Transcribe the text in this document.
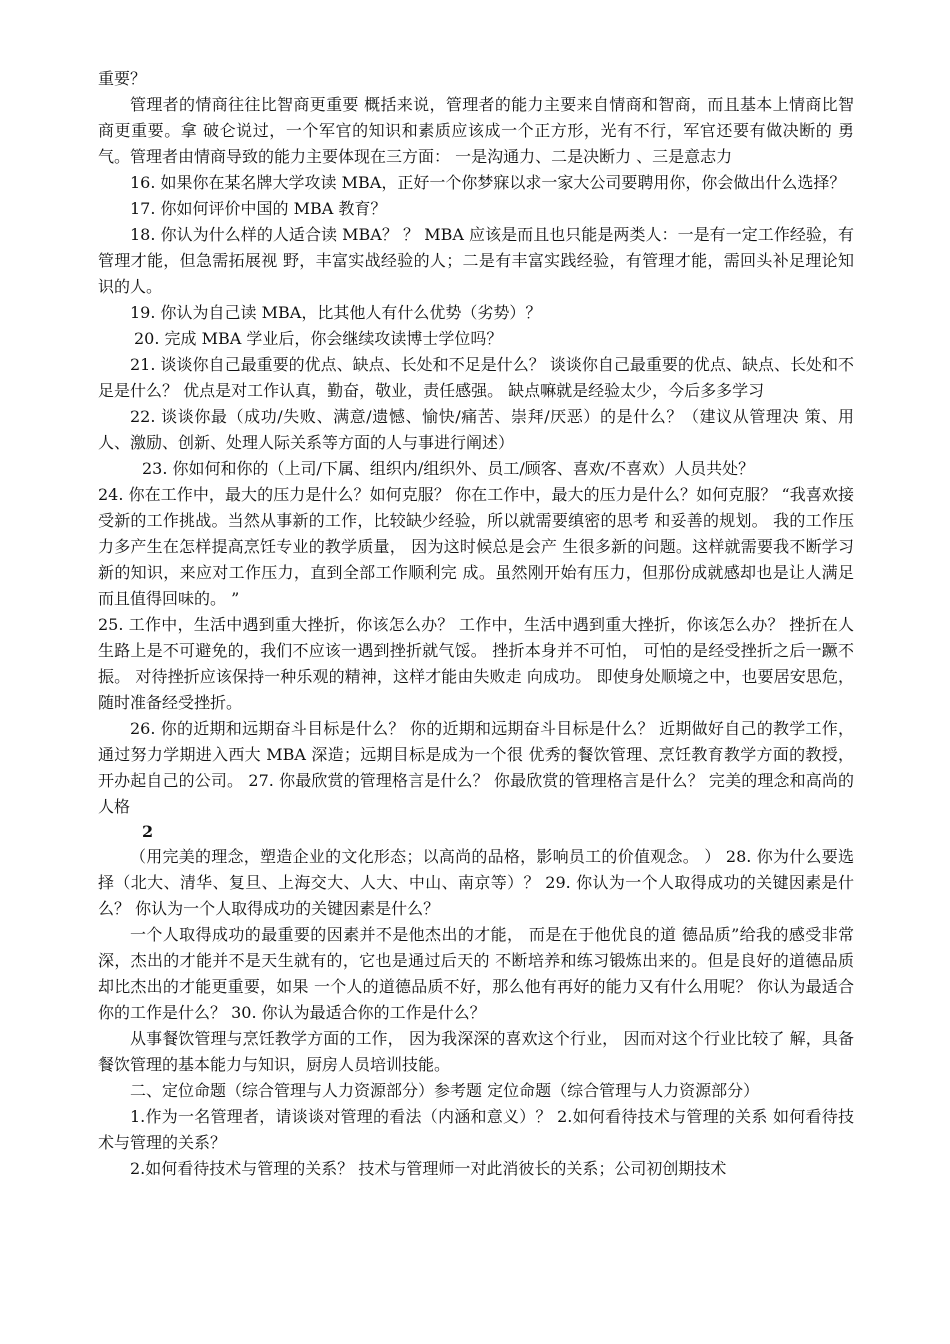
重要？

管理者的情商往往比智商更重要 概括来说，管理者的能力主要来自情商和智商，而且基本上情商比智商更重要。拿 破仑说过，一个军官的知识和素质应该成一个正方形，光有不行，军官还要有做决断的 勇气。管理者由情商导致的能力主要体现在三方面： 一是沟通力、二是决断力 、三是意志力

16. 如果你在某名牌大学攻读 MBA，正好一个你梦寐以求一家大公司要聘用你，你会做出什么选择？

17. 你如何评价中国的 MBA 教育？

18. 你认为什么样的人适合读 MBA？ ？ MBA 应该是而且也只能是两类人：一是有一定工作经验，有管理才能，但急需拓展视 野，丰富实战经验的人；二是有丰富实践经验，有管理才能，需回头补足理论知识的人。

19. 你认为自己读 MBA，比其他人有什么优势（劣势）？

20. 完成 MBA 学业后，你会继续攻读博士学位吗？

21. 谈谈你自己最重要的优点、缺点、长处和不足是什么？ 谈谈你自己最重要的优点、缺点、长处和不足是什么？ 优点是对工作认真，勤奋，敬业，责任感强。 缺点嘛就是经验太少，今后多多学习

22. 谈谈你最（成功/失败、满意/遗憾、愉快/痛苦、崇拜/厌恶）的是什么？（建议从管理决 策、用人、激励、创新、处理人际关系等方面的人与事进行阐述）

23. 你如何和你的（上司/下属、组织内/组织外、员工/顾客、喜欢/不喜欢）人员共处？

24. 你在工作中，最大的压力是什么？如何克服？ 你在工作中，最大的压力是什么？如何克服？ “我喜欢接受新的工作挑战。当然从事新的工作，比较缺少经验，所以就需要缜密的思考 和妥善的规划。 我的工作压力多产生在怎样提高烹饪专业的教学质量， 因为这时候总是会产 生很多新的问题。这样就需要我不断学习新的知识，来应对工作压力，直到全部工作顺利完 成。虽然刚开始有压力，但那份成就感却也是让人满足而且值得回味的。 ”

25. 工作中，生活中遇到重大挫折，你该怎么办？ 工作中，生活中遇到重大挫折，你该怎么办？ 挫折在人生路上是不可避免的，我们不应该一遇到挫折就气馁。 挫折本身并不可怕， 可怕的是经受挫折之后一蹶不振。 对待挫折应该保持一种乐观的精神，这样才能由失败走 向成功。 即使身处顺境之中，也要居安思危，随时准备经受挫折。

26. 你的近期和远期奋斗目标是什么？ 你的近期和远期奋斗目标是什么？ 近期做好自己的教学工作，通过努力学期进入西大 MBA 深造；远期目标是成为一个很 优秀的餐饮管理、烹饪教育教学方面的教授，开办起自己的公司。 27. 你最欣赏的管理格言是什么？ 你最欣赏的管理格言是什么？ 完美的理念和高尚的人格

2

（用完美的理念，塑造企业的文化形态；以高尚的品格，影响员工的价值观念。 ） 28. 你为什么要选择（北大、清华、复旦、上海交大、人大、中山、南京等）？ 29. 你认为一个人取得成功的关键因素是什么？ 你认为一个人取得成功的关键因素是什么？

一个人取得成功的最重要的因素并不是他杰出的才能， 而是在于他优良的道 德品质”给我的感受非常深，杰出的才能并不是天生就有的，它也是通过后天的 不断培养和练习锻炼出来的。但是良好的道德品质却比杰出的才能更重要，如果 一个人的道德品质不好，那么他有再好的能力又有什么用呢？ 你认为最适合你的工作是什么？ 30. 你认为最适合你的工作是什么？

从事餐饮管理与烹饪教学方面的工作， 因为我深深的喜欢这个行业， 因而对这个行业比较了 解，具备餐饮管理的基本能力与知识，厨房人员培训技能。

二、定位命题（综合管理与人力资源部分）参考题 定位命题（综合管理与人力资源部分）

1.作为一名管理者，请谈谈对管理的看法（内涵和意义）？ 2.如何看待技术与管理的关系 如何看待技术与管理的关系？

2.如何看待技术与管理的关系？ 技术与管理师一对此消彼长的关系；公司初创期技术
